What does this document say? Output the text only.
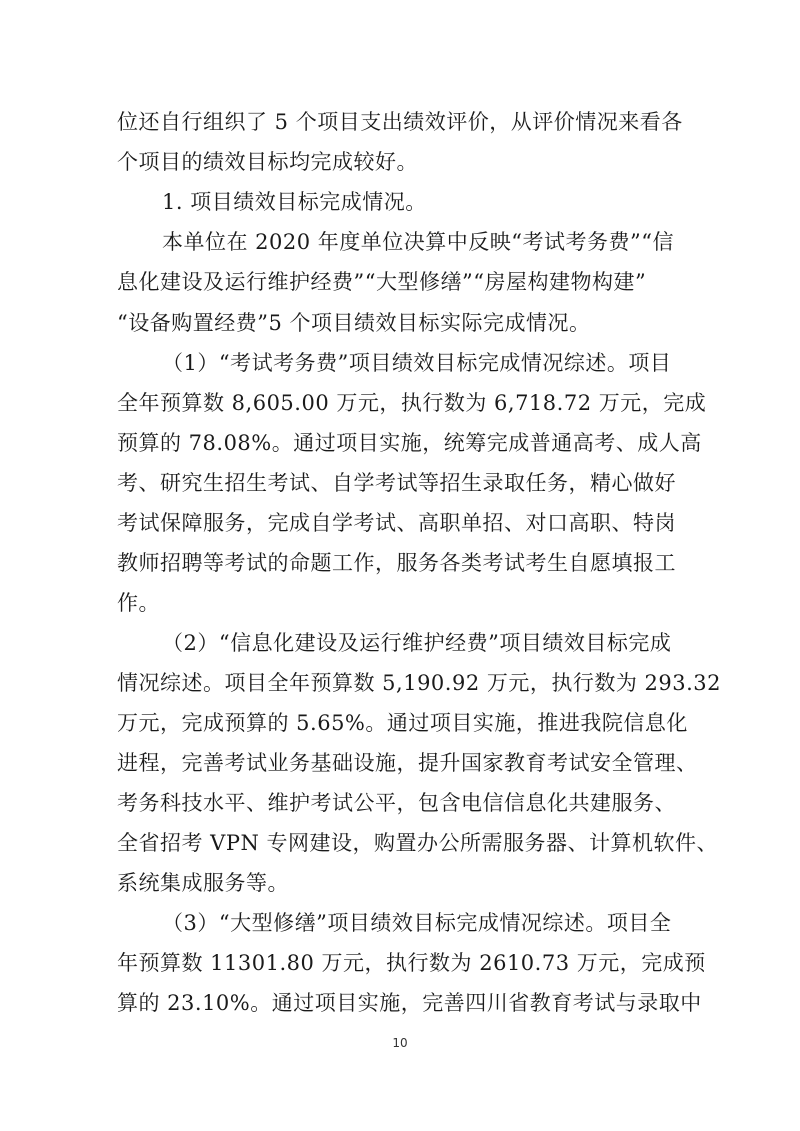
位还自行组织了 5 个项目支出绩效评价，从评价情况来看各
个项目的绩效目标均完成较好。
1. 项目绩效目标完成情况。
本单位在 2020 年度单位决算中反映“考试考务费”“信
息化建设及运行维护经费”“大型修缮”“房屋构建物构建”
“设备购置经费”5 个项目绩效目标实际完成情况。
（1）“考试考务费”项目绩效目标完成情况综述。项目
全年预算数 8,605.00 万元，执行数为 6,718.72 万元，完成
预算的 78.08%。通过项目实施，统筹完成普通高考、成人高
考、研究生招生考试、自学考试等招生录取任务，精心做好
考试保障服务，完成自学考试、高职单招、对口高职、特岗
教师招聘等考试的命题工作，服务各类考试考生自愿填报工
作。
（2）“信息化建设及运行维护经费”项目绩效目标完成
情况综述。项目全年预算数 5,190.92 万元，执行数为 293.32
万元，完成预算的 5.65%。通过项目实施，推进我院信息化
进程，完善考试业务基础设施，提升国家教育考试安全管理、
考务科技水平、维护考试公平，包含电信信息化共建服务、
全省招考 VPN 专网建设，购置办公所需服务器、计算机软件、
系统集成服务等。
（3）“大型修缮”项目绩效目标完成情况综述。项目全
年预算数 11301.80 万元，执行数为 2610.73 万元，完成预
算的 23.10%。通过项目实施，完善四川省教育考试与录取中
10
